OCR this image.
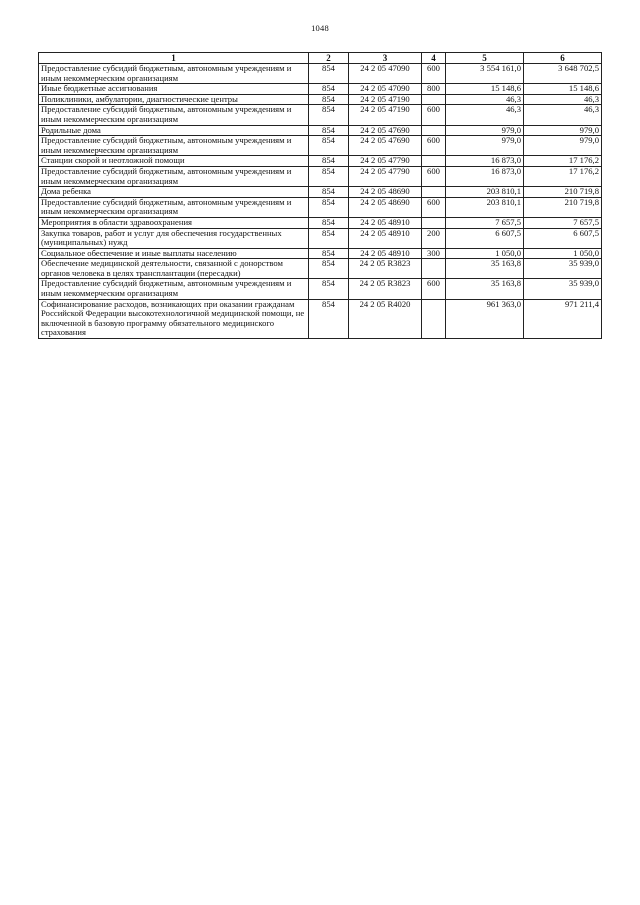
1048
1	2	3	4	5	6
Предоставление субсидий бюджетным, автономным учреждениям и иным некоммерческим организациям	854	24 2 05 47090	600	3 554 161,0	3 648 702,5
Иные бюджетные ассигнования	854	24 2 05 47090	800	15 148,6	15 148,6
Поликлиники, амбулатории, диагностические центры	854	24 2 05 47190		46,3	46,3
Предоставление субсидий бюджетным, автономным учреждениям и иным некоммерческим организациям	854	24 2 05 47190	600	46,3	46,3
Родильные дома	854	24 2 05 47690		979,0	979,0
Предоставление субсидий бюджетным, автономным учреждениям и иным некоммерческим организациям	854	24 2 05 47690	600	979,0	979,0
Станции скорой и неотложной помощи	854	24 2 05 47790		16 873,0	17 176,2
Предоставление субсидий бюджетным, автономным учреждениям и иным некоммерческим организациям	854	24 2 05 47790	600	16 873,0	17 176,2
Дома ребенка	854	24 2 05 48690		203 810,1	210 719,8
Предоставление субсидий бюджетным, автономным учреждениям и иным некоммерческим организациям	854	24 2 05 48690	600	203 810,1	210 719,8
Мероприятия в области здравоохранения	854	24 2 05 48910		7 657,5	7 657,5
Закупка товаров, работ и услуг для обеспечения государственных (муниципальных) нужд	854	24 2 05 48910	200	6 607,5	6 607,5
Социальное обеспечение и иные выплаты населению	854	24 2 05 48910	300	1 050,0	1 050,0
Обеспечение медицинской деятельности, связанной с донорством органов человека в целях трансплантации (пересадки)	854	24 2 05 R3823		35 163,8	35 939,0
Предоставление субсидий бюджетным, автономным учреждениям и иным некоммерческим организациям	854	24 2 05 R3823	600	35 163,8	35 939,0
Софинансирование расходов, возникающих при оказании гражданам Российской Федерации высокотехнологичной медицинской помощи, не включенной в базовую программу обязательного медицинского страхования	854	24 2 05 R4020		961 363,0	971 211,4
